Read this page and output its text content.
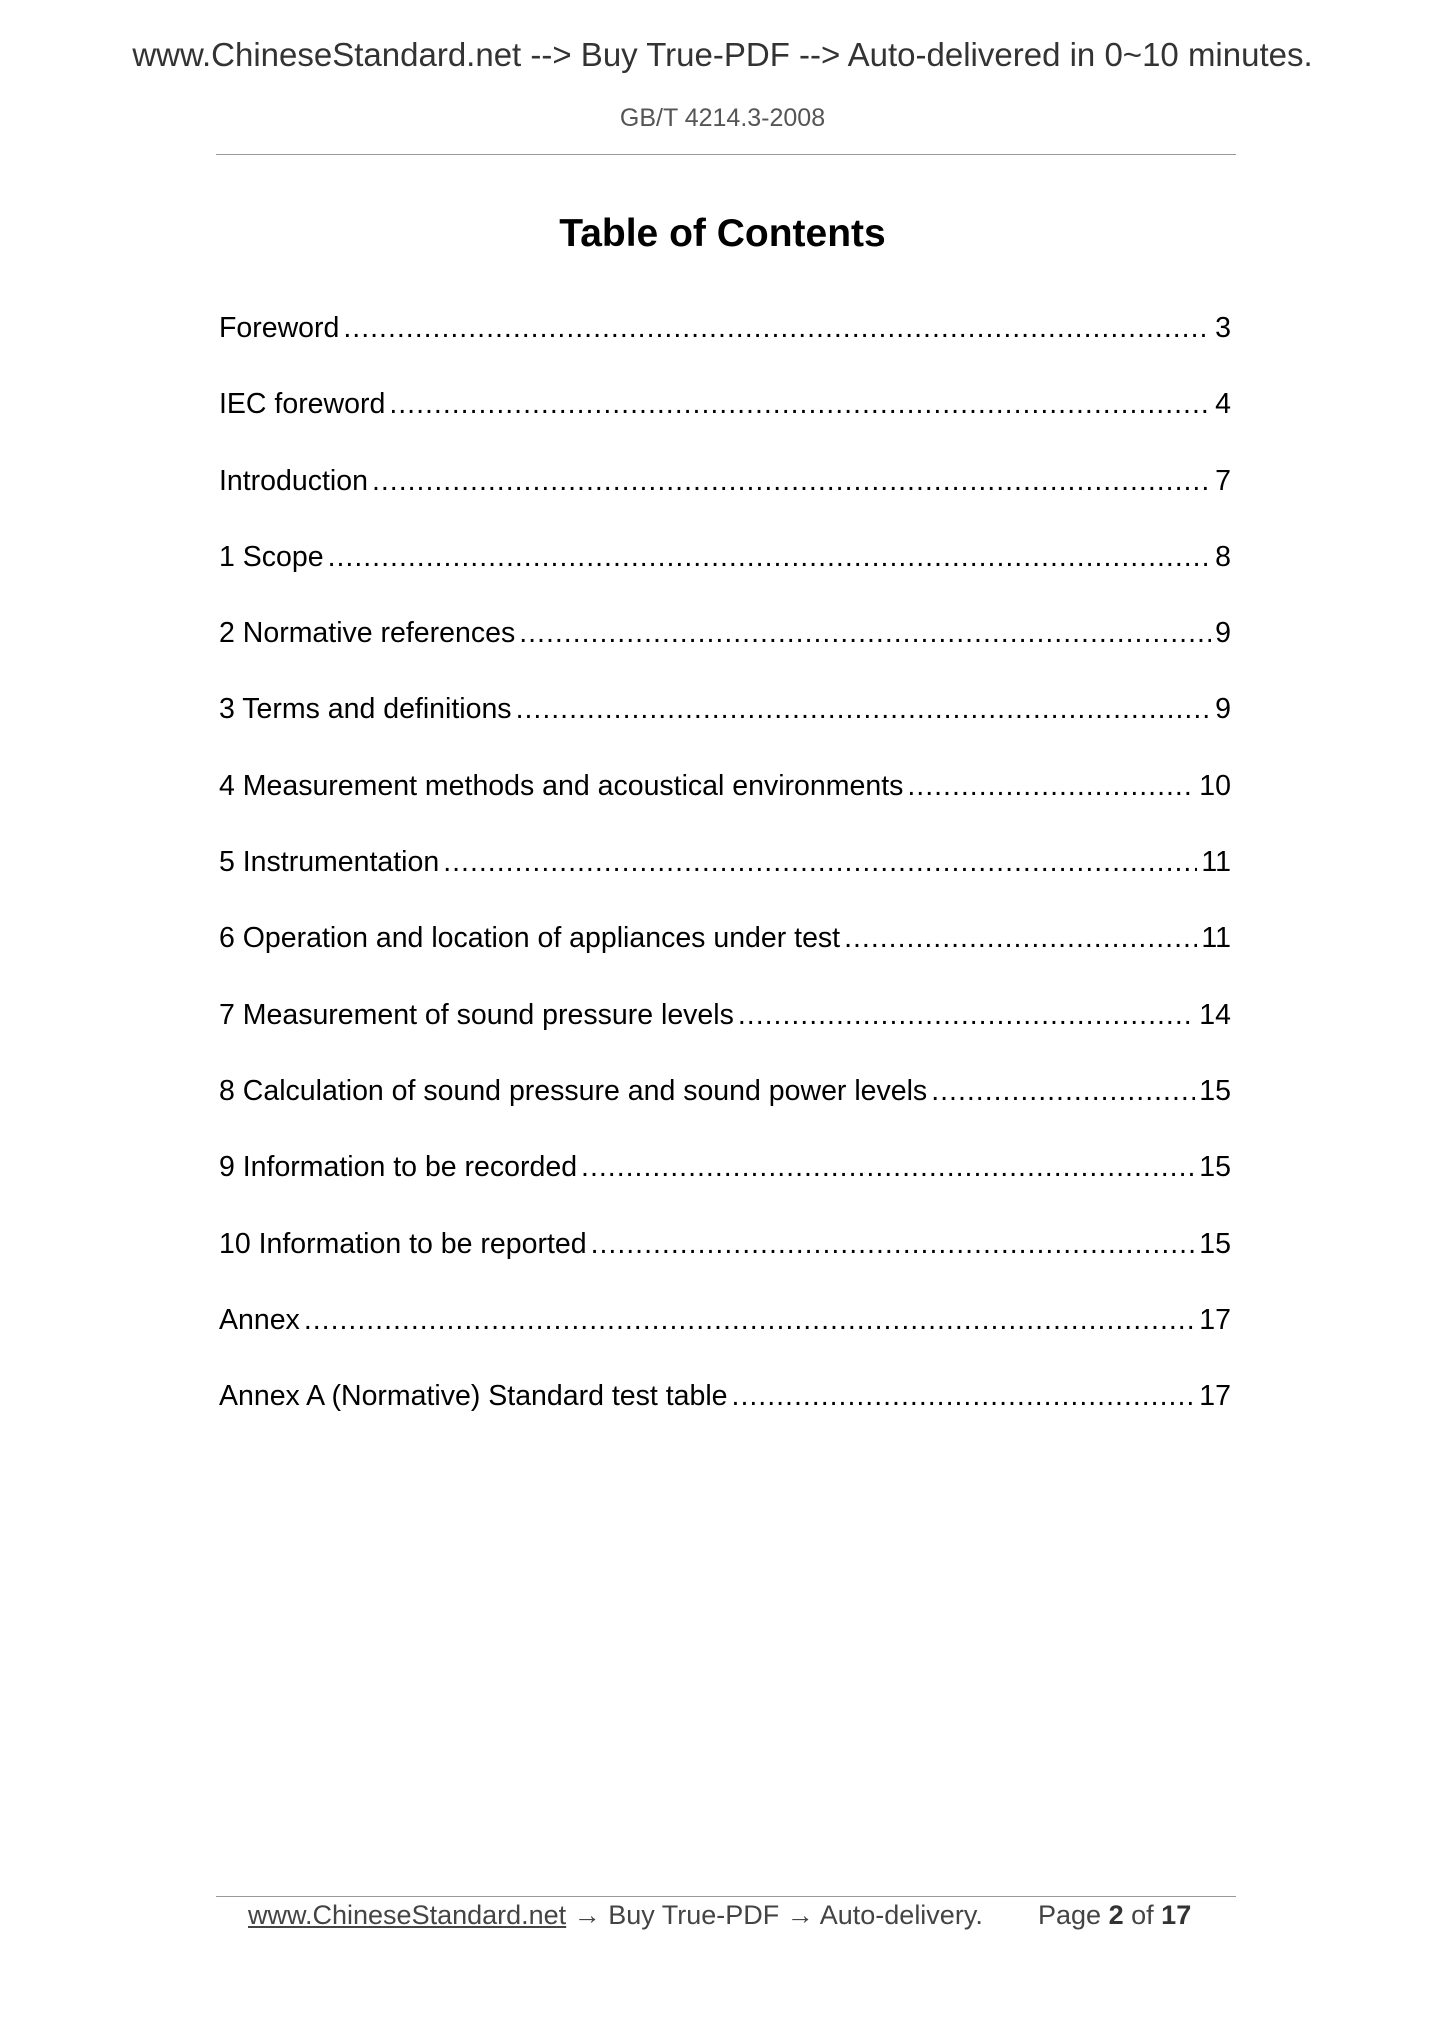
www.ChineseStandard.net --> Buy True-PDF --> Auto-delivered in 0~10 minutes.
GB/T 4214.3-2008
Table of Contents
Foreword .....	3
IEC foreword .....	4
Introduction .....	7
1 Scope .....	8
2 Normative references .....	9
3 Terms and definitions .....	9
4 Measurement methods and acoustical environments .....	10
5 Instrumentation .....	11
6 Operation and location of appliances under test .....	11
7 Measurement of sound pressure levels .....	14
8 Calculation of sound pressure and sound power levels .....	15
9 Information to be recorded .....	15
10 Information to be reported .....	15
Annex .....	17
Annex A (Normative) Standard test table .....	17
www.ChineseStandard.net → Buy True-PDF → Auto-delivery. Page 2 of 17
